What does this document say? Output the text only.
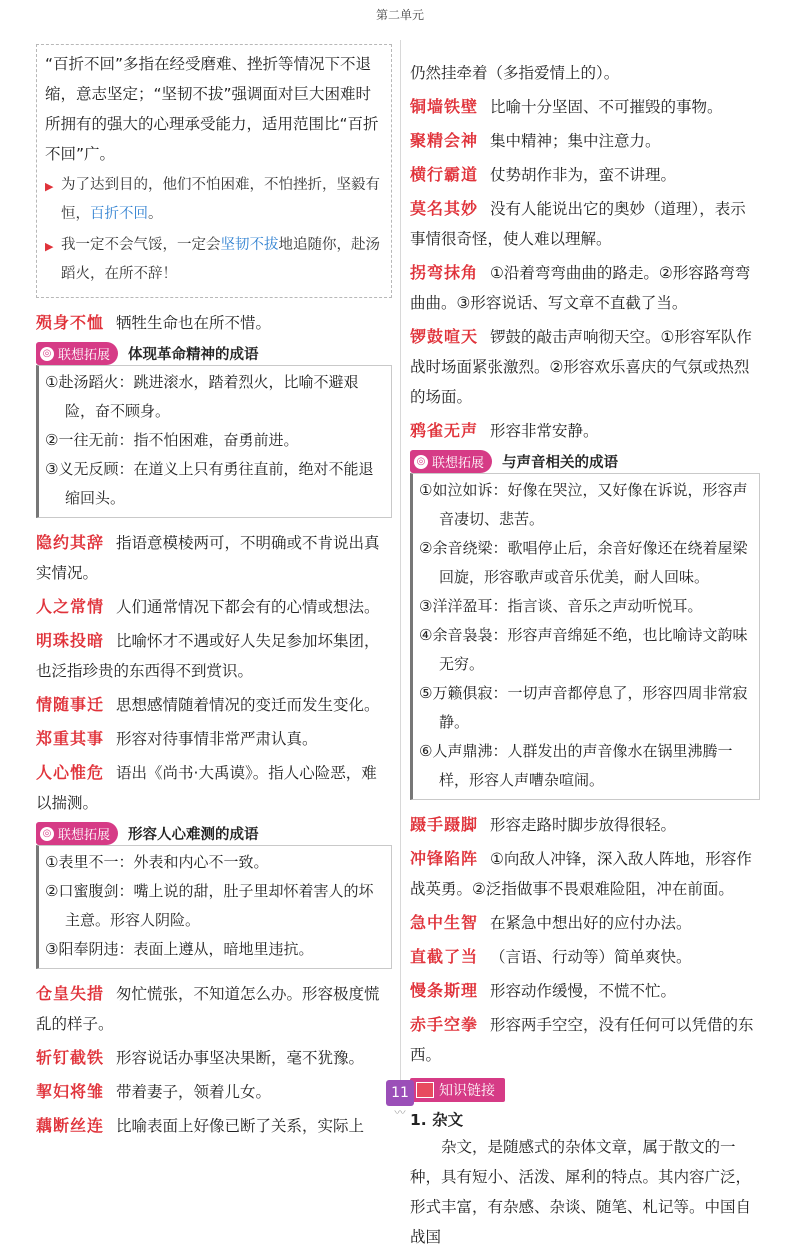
第二单元

“百折不回”多指在经受磨难、挫折等情况下不退缩，意志坚定；“坚韧不拔”强调面对巨大困难时所拥有的强大的心理承受能力，适用范围比“百折不回”广。

▶ 为了达到目的，他们不怕困难，不怕挫折，坚毅有恒，百折不回。
▶ 我一定不会气馁，一定会坚韧不拔地追随你，赴汤蹈火，在所不辞！

殒身不恤 牺牲生命也在所不惜。

◎ 联想拓展 体现革命精神的成语

①赴汤蹈火：跳进滚水，踏着烈火，比喻不避艰险，奋不顾身。

②一往无前：指不怕困难，奋勇前进。

③义无反顾：在道义上只有勇往直前，绝对不能退缩回头。

隐约其辞 指语意模棱两可，不明确或不肯说出真实情况。

人之常情 人们通常情况下都会有的心情或想法。

明珠投暗 比喻怀才不遇或好人失足参加坏集团，也泛指珍贵的东西得不到赏识。

情随事迁 思想感情随着情况的变迁而发生变化。

郑重其事 形容对待事情非常严肃认真。

人心惟危 语出《尚书·大禹谟》。指人心险恶，难以揣测。

◎ 联想拓展 形容人心难测的成语

①表里不一：外表和内心不一致。

②口蜜腹剑：嘴上说的甜，肚子里却怀着害人的坏主意。形容人阴险。

③阳奉阴违：表面上遵从，暗地里违抗。

仓皇失措 匆忙慌张，不知道怎么办。形容极度慌乱的样子。

斩钉截铁 形容说话办事坚决果断，毫不犹豫。

挈妇将雏 带着妻子，领着儿女。

藕断丝连 比喻表面上好像已断了关系，实际上

仍然挂牵着（多指爱情上的）。

铜墙铁壁 比喻十分坚固、不可摧毁的事物。

聚精会神 集中精神；集中注意力。

横行霸道 仗势胡作非为，蛮不讲理。

莫名其妙 没有人能说出它的奥妙（道理），表示事情很奇怪，使人难以理解。

拐弯抹角 ①沿着弯弯曲曲的路走。②形容路弯弯曲曲。③形容说话、写文章不直截了当。

锣鼓喧天 锣鼓的敲击声响彻天空。①形容军队作战时场面紧张激烈。②形容欢乐喜庆的气氛或热烈的场面。

鸦雀无声 形容非常安静。

◎ 联想拓展 与声音相关的成语

①如泣如诉：好像在哭泣，又好像在诉说，形容声音凄切、悲苦。

②余音绕梁：歌唱停止后，余音好像还在绕着屋梁回旋，形容歌声或音乐优美，耐人回味。

③洋洋盈耳：指言谈、音乐之声动听悦耳。

④余音袅袅：形容声音绵延不绝，也比喻诗文韵味无穷。

⑤万籁俱寂：一切声音都停息了，形容四周非常寂静。

⑥人声鼎沸：人群发出的声音像水在锅里沸腾一样，形容人声嘈杂喧闹。

蹑手蹑脚 形容走路时脚步放得很轻。

冲锋陷阵 ①向敌人冲锋，深入敌人阵地，形容作战英勇。②泛指做事不畏艰难险阻，冲在前面。

急中生智 在紧急中想出好的应付办法。

直截了当 （言语、行动等）简单爽快。

慢条斯理 形容动作缓慢，不慌不忙。

赤手空拳 形容两手空空，没有任何可以凭借的东西。

知识链接

1. 杂文

杂文，是随感式的杂体文章，属于散文的一种，具有短小、活泼、犀利的特点。其内容广泛，形式丰富，有杂感、杂谈、随笔、札记等。中国自战国

11
〰
